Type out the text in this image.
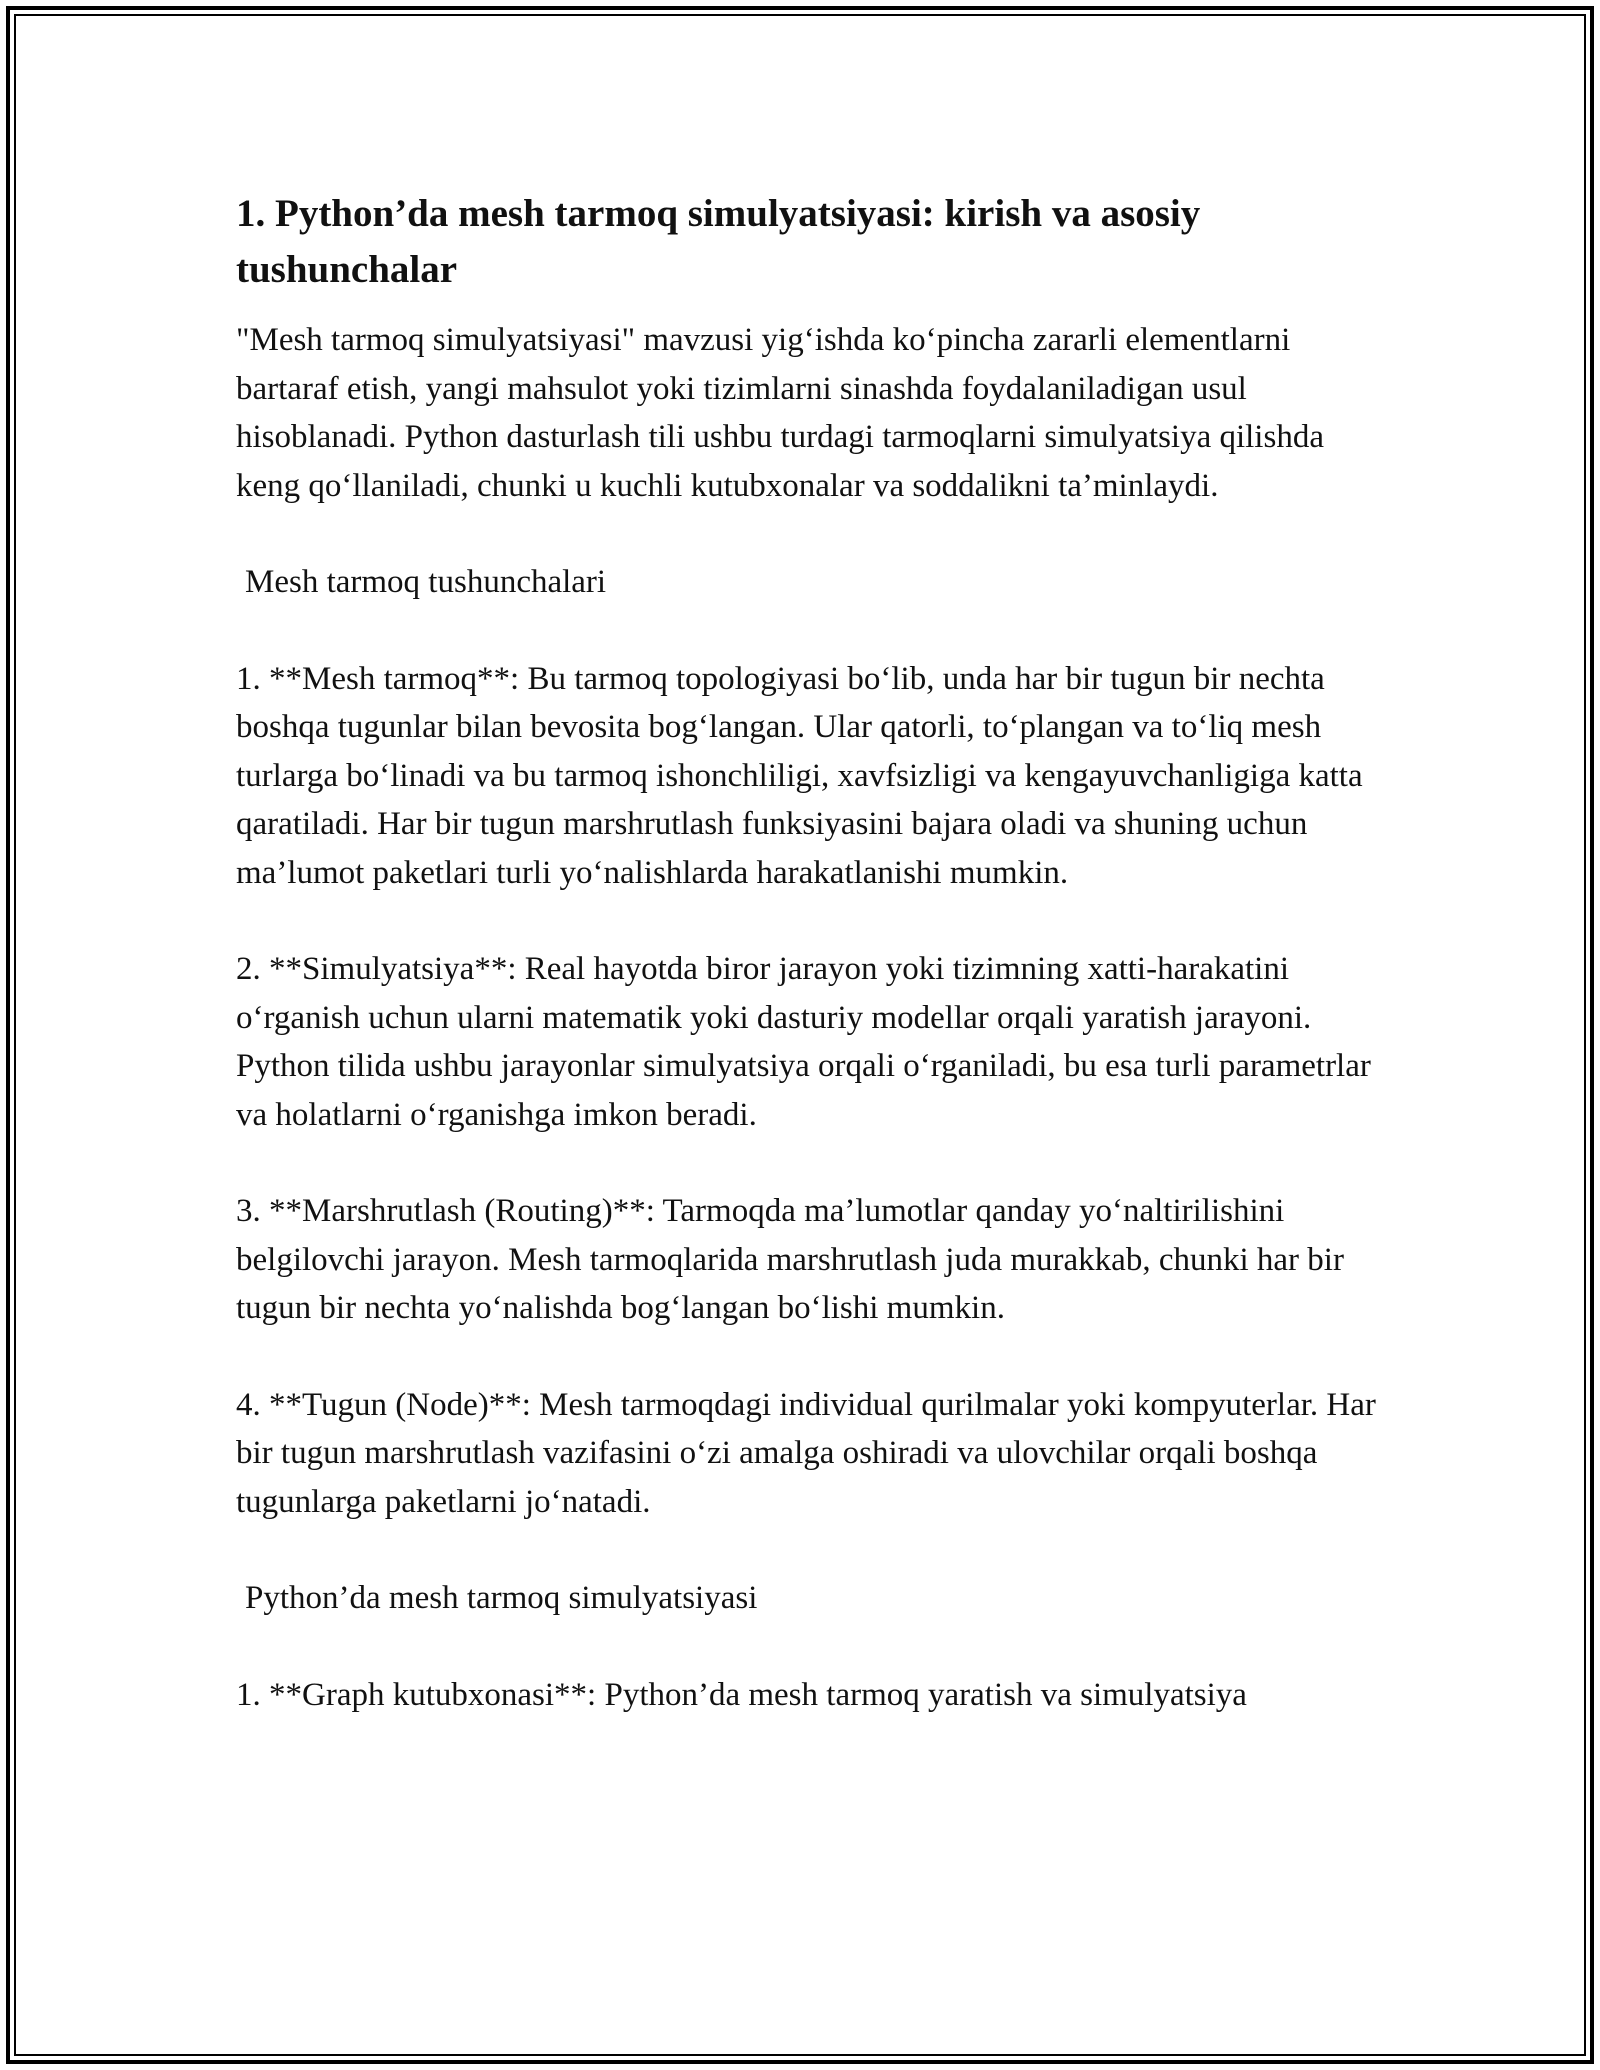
1. Python’da mesh tarmoq simulyatsiyasi: kirish va asosiy tushunchalar

"Mesh tarmoq simulyatsiyasi" mavzusi yig‘ishda ko‘pincha zararli elementlarni bartaraf etish, yangi mahsulot yoki tizimlarni sinashda foydalaniladigan usul hisoblanadi. Python dasturlash tili ushbu turdagi tarmoqlarni simulyatsiya qilishda keng qo‘llaniladi, chunki u kuchli kutubxonalar va soddalikni ta’minlaydi.

Mesh tarmoq tushunchalari

1. **Mesh tarmoq**: Bu tarmoq topologiyasi bo‘lib, unda har bir tugun bir nechta boshqa tugunlar bilan bevosita bog‘langan. Ular qatorli, to‘plangan va to‘liq mesh turlarga bo‘linadi va bu tarmoq ishonchliligi, xavfsizligi va kengayuvchanligiga katta qaratiladi. Har bir tugun marshrutlash funksiyasini bajara oladi va shuning uchun ma’lumot paketlari turli yo‘nalishlarda harakatlanishi mumkin.

2. **Simulyatsiya**: Real hayotda biror jarayon yoki tizimning xatti-harakatini o‘rganish uchun ularni matematik yoki dasturiy modellar orqali yaratish jarayoni. Python tilida ushbu jarayonlar simulyatsiya orqali o‘rganiladi, bu esa turli parametrlar va holatlarni o‘rganishga imkon beradi.

3. **Marshrutlash (Routing)**: Tarmoqda ma’lumotlar qanday yo‘naltirilishini belgilovchi jarayon. Mesh tarmoqlarida marshrutlash juda murakkab, chunki har bir tugun bir nechta yo‘nalishda bog‘langan bo‘lishi mumkin.

4. **Tugun (Node)**: Mesh tarmoqdagi individual qurilmalar yoki kompyuterlar. Har bir tugun marshrutlash vazifasini o‘zi amalga oshiradi va ulovchilar orqali boshqa tugunlarga paketlarni jo‘natadi.

Python’da mesh tarmoq simulyatsiyasi

1. **Graph kutubxonasi**: Python’da mesh tarmoq yaratish va simulyatsiya
